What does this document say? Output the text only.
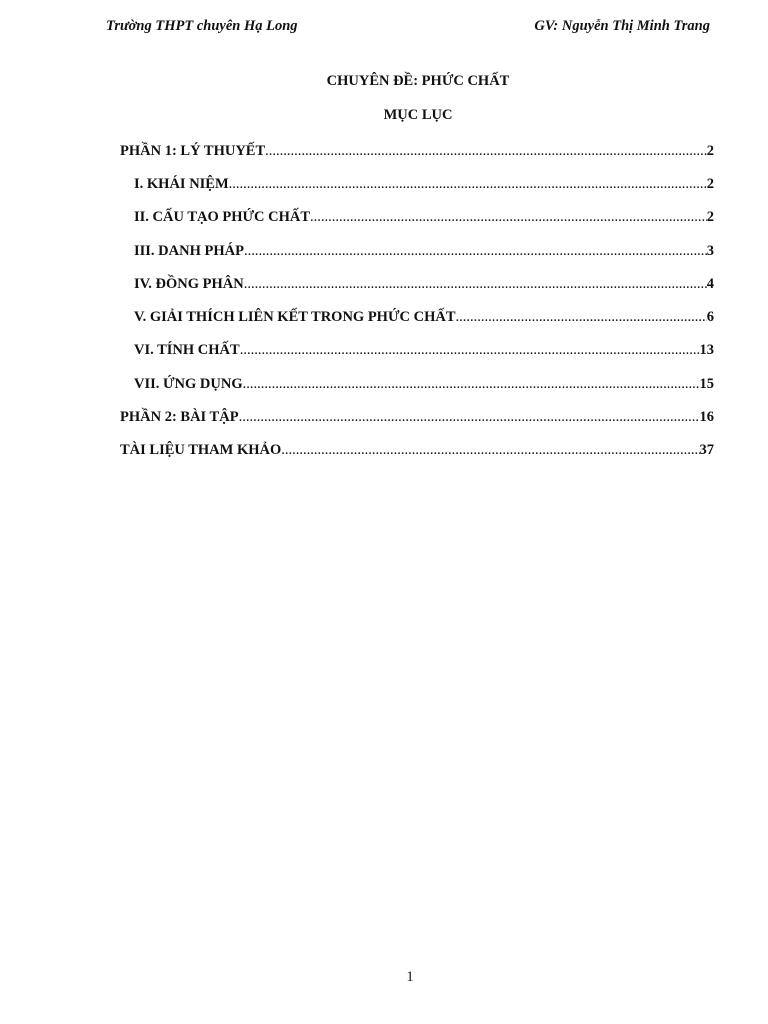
Trường THPT chuyên Hạ Long	GV: Nguyễn Thị Minh Trang
CHUYÊN ĐỀ: PHỨC CHẤT
MỤC LỤC
PHẦN 1: LÝ THUYẾT .....	2
I. KHÁI NIỆM .....	2
II. CẤU TẠO PHỨC CHẤT .....	2
III. DANH PHÁP .....	3
IV. ĐỒNG PHÂN .....	4
V. GIẢI THÍCH LIÊN KẾT TRONG PHỨC CHẤT .....	6
VI. TÍNH CHẤT .....	13
VII. ỨNG DỤNG .....	15
PHẦN 2: BÀI TẬP .....	16
TÀI LIỆU THAM KHẢO .....	37
1
